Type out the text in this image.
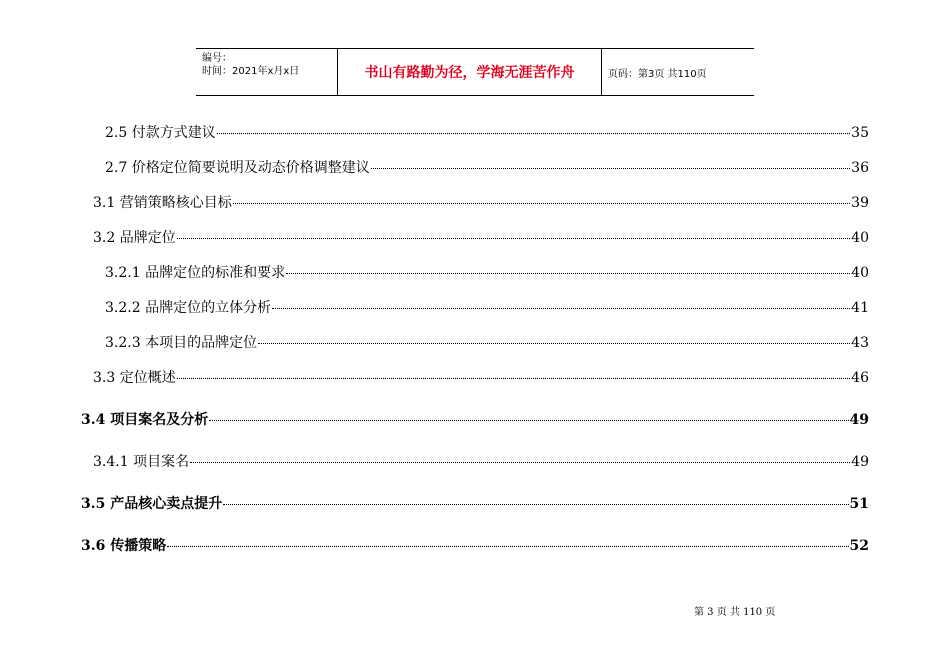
编号：
时间：2021年x月x日	书山有路勤为径，学海无涯苦作舟	页码：第3页 共110页
2.5 付款方式建议	35
2.7 价格定位简要说明及动态价格调整建议	36
3.1 营销策略核心目标	39
3.2 品牌定位	40
3.2.1 品牌定位的标准和要求	40
3.2.2 品牌定位的立体分析	41
3.2.3 本项目的品牌定位	43
3.3 定位概述	46
3.4 项目案名及分析	49
3.4.1 项目案名	49
3.5 产品核心卖点提升	51
3.6 传播策略	52
第 3 页 共 110 页
